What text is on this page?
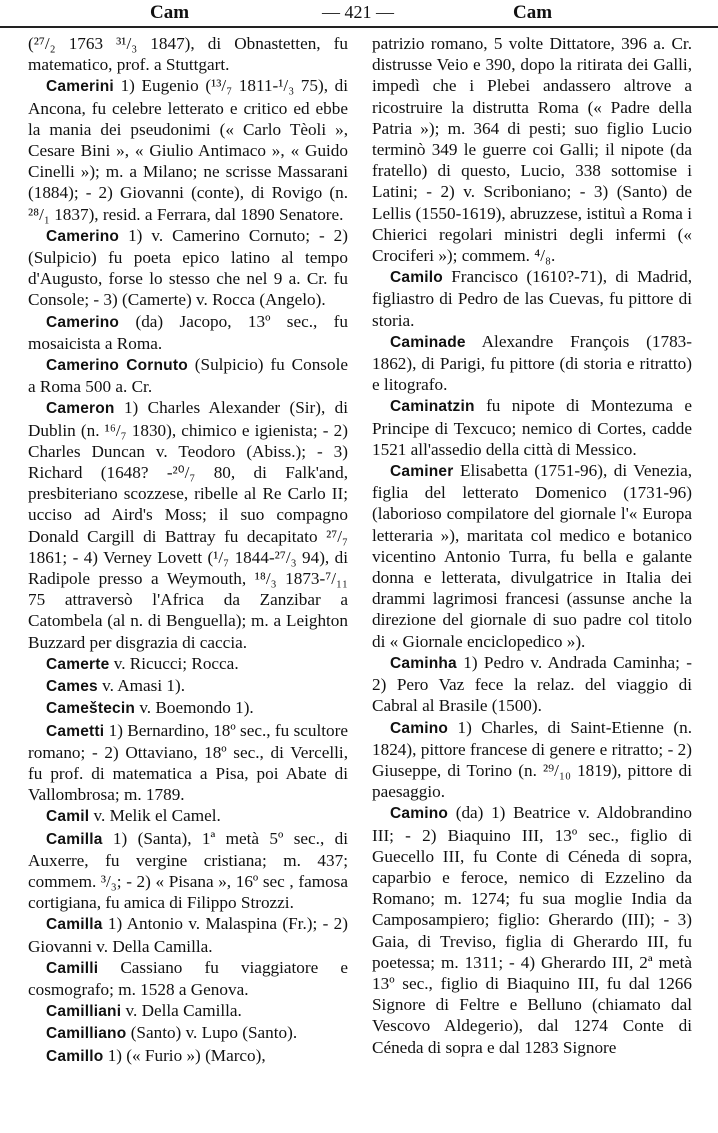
Cam	— 421 —	Cam

(²⁷/₂ 1763 ³¹/₃ 1847), di Obnastetten, fu matematico, prof. a Stuttgart.

Camerini 1) Eugenio (¹³/₇ 1811-¹/₃ 75), di Ancona, fu celebre letterato e critico ed ebbe la mania dei pseudonimi (« Carlo Tèoli », Cesare Bini », « Giulio Antimaco », « Guido Cinelli »); m. a Milano; ne scrisse Massarani (1884); - 2) Giovanni (conte), di Rovigo (n. ²⁸/₁ 1837), resid. a Ferrara, dal 1890 Senatore.

Camerino 1) v. Camerino Cornuto; - 2) (Sulpicio) fu poeta epico latino al tempo d'Augusto, forse lo stesso che nel 9 a. Cr. fu Console; - 3) (Camerte) v. Rocca (Angelo).

Camerino (da) Jacopo, 13º sec., fu mosaicista a Roma.

Camerino Cornuto (Sulpicio) fu Console a Roma 500 a. Cr.

Cameron 1) Charles Alexander (Sir), di Dublin (n. ¹⁶/₇ 1830), chimico e igienista; - 2) Charles Duncan v. Teodoro (Abiss.); - 3) Richard (1648? -²⁰/₇ 80, di Falk'and, presbiteriano scozzese, ribelle al Re Carlo II; ucciso ad Aird's Moss; il suo compagno Donald Cargill di Battray fu decapitato ²⁷/₇ 1861; - 4) Verney Lovett (¹/₇ 1844-²⁷/₃ 94), di Radipole presso a Weymouth, ¹⁸/₃ 1873-⁷/₁₁ 75 attraversò l'Africa da Zanzibar a Catombela (al n. di Benguella); m. a Leighton Buzzard per disgrazia di caccia.

Camerte v. Ricucci; Rocca.

Cames v. Amasi 1).

Cameštecin v. Boemondo 1).

Cametti 1) Bernardino, 18º sec., fu scultore romano; - 2) Ottaviano, 18º sec., di Vercelli, fu prof. di matematica a Pisa, poi Abate di Vallombrosa; m. 1789.

Camil v. Melik el Camel.

Camilla 1) (Santa), 1ª metà 5º sec., di Auxerre, fu vergine cristiana; m. 437; commem. ³/₃; - 2) « Pisana », 16º sec , famosa cortigiana, fu amica di Filippo Strozzi.

Camilla 1) Antonio v. Malaspina (Fr.); - 2) Giovanni v. Della Camilla.

Camilli Cassiano fu viaggiatore e cosmografo; m. 1528 a Genova.

Camilliani v. Della Camilla.

Camilliano (Santo) v. Lupo (Santo).

Camillo 1) (« Furio ») (Marco),

patrizio romano, 5 volte Dittatore, 396 a. Cr. distrusse Veio e 390, dopo la ritirata dei Galli, impedì che i Plebei andassero altrove a ricostruire la distrutta Roma (« Padre della Patria »); m. 364 di pesti; suo figlio Lucio terminò 349 le guerre coi Galli; il nipote (da fratello) di questo, Lucio, 338 sottomise i Latini; - 2) v. Scriboniano; - 3) (Santo) de Lellis (1550-1619), abruzzese, istituì a Roma i Chierici regolari ministri degli infermi (« Crociferi »); commem. ⁴/₈.

Camilo Francisco (1610?-71), di Madrid, figliastro di Pedro de las Cuevas, fu pittore di storia.

Caminade Alexandre François (1783-1862), di Parigi, fu pittore (di storia e ritratto) e litografo.

Caminatzin fu nipote di Montezuma e Principe di Texcuco; nemico di Cortes, cadde 1521 all'assedio della città di Messico.

Caminer Elisabetta (1751-96), di Venezia, figlia del letterato Domenico (1731-96) (laborioso compilatore del giornale l'« Europa letteraria »), maritata col medico e botanico vicentino Antonio Turra, fu bella e galante donna e letterata, divulgatrice in Italia dei drammi lagrimosi francesi (assunse anche la direzione del giornale di suo padre col titolo di « Giornale enciclopedico »).

Caminha 1) Pedro v. Andrada Caminha; - 2) Pero Vaz fece la relaz. del viaggio di Cabral al Brasile (1500).

Camino 1) Charles, di Saint-Etienne (n. 1824), pittore francese di genere e ritratto; - 2) Giuseppe, di Torino (n. ²⁹/₁₀ 1819), pittore di paesaggio.

Camino (da) 1) Beatrice v. Aldobrandino III; - 2) Biaquino III, 13º sec., figlio di Guecello III, fu Conte di Céneda di sopra, caparbio e feroce, nemico di Ezzelino da Romano; m. 1274; fu sua moglie India da Camposampiero; figlio: Gherardo (III); - 3) Gaia, di Treviso, figlia di Gherardo III, fu poetessa; m. 1311; - 4) Gherardo III, 2ª metà 13º sec., figlio di Biaquino III, fu dal 1266 Signore di Feltre e Belluno (chiamato dal Vescovo Aldegerio), dal 1274 Conte di Céneda di sopra e dal 1283 Signore
